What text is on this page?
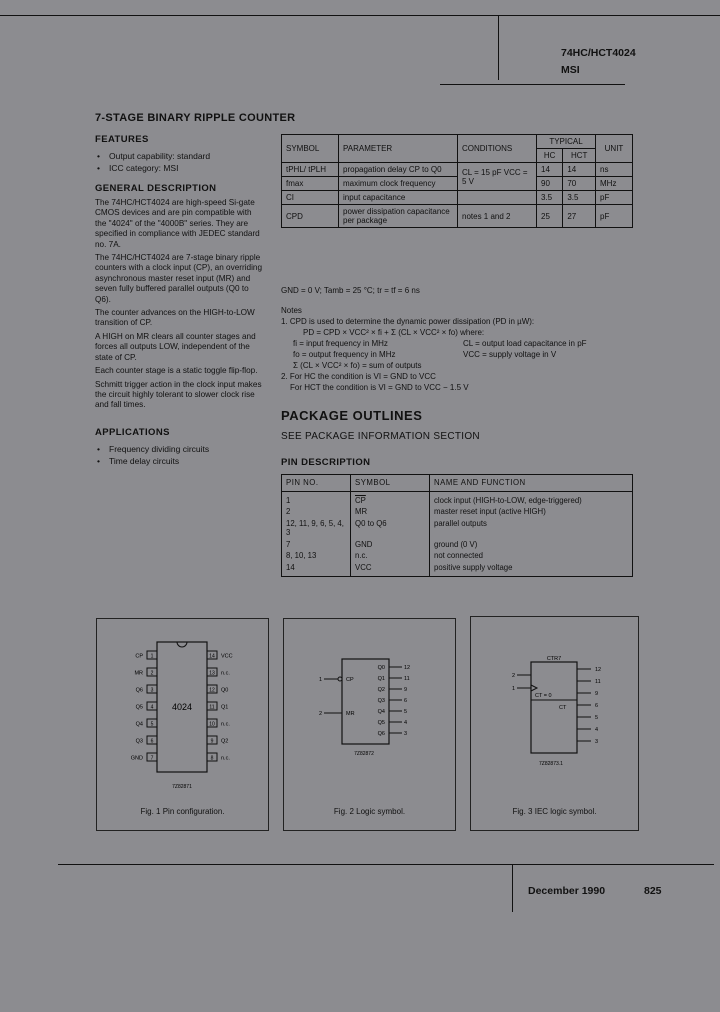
74HC/HCT4024
MSI
7-STAGE BINARY RIPPLE COUNTER
FEATURES
• Output capability: standard
• ICC category: MSI
GENERAL DESCRIPTION

The 74HC/HCT4024 are high-speed Si-gate CMOS devices and are pin compatible with the "4024" of the "4000B" series. They are specified in compliance with JEDEC standard no. 7A.

The 74HC/HCT4024 are 7-stage binary ripple counters with a clock input (CP), an overriding asynchronous master reset input (MR) and seven fully buffered parallel outputs (Q0 to Q6).

The counter advances on the HIGH-to-LOW transition of CP.

A HIGH on MR clears all counter stages and forces all outputs LOW, independent of the state of CP.

Each counter stage is a static toggle flip-flop.

Schmitt trigger action in the clock input makes the circuit highly tolerant to slower clock rise and fall times.

APPLICATIONS
• Frequency dividing circuits
• Time delay circuits
SYMBOL	PARAMETER	CONDITIONS	TYPICAL		UNIT
			HC	HCT	
tPHL/ tPLH	propagation delay CP to Q0	CL = 15 pF VCC = 5 V	14	14	ns
fmax	maximum clock frequency		90	70	MHz
CI	input capacitance		3.5	3.5	pF
CPD	power dissipation capacitance per package	notes 1 and 2	25	27	pF
GND = 0 V; Tamb = 25 °C; tr = tf = 6 ns
Notes
1. CPD is used to determine the dynamic power dissipation (PD in µW):
PD = CPD × VCC² × fi + Σ (CL × VCC² × fo) where:
fi = input frequency in MHz
fo = output frequency in MHz
Σ (CL × VCC² × fo) = sum of outputs
CL = output load capacitance in pF
VCC = supply voltage in V
2. For HC the condition is VI = GND to VCC
For HCT the condition is VI = GND to VCC − 1.5 V
PACKAGE OUTLINES
SEE PACKAGE INFORMATION SECTION
PIN DESCRIPTION
PIN NO.	SYMBOL	NAME AND FUNCTION
1	$\overline{CP}$	clock input (HIGH-to-LOW, edge-triggered)
2	MR	master reset input (active HIGH)
12, 11, 9, 6, 5, 4, 3	Q0 to Q6	parallel outputs
7	GND	ground (0 V)
8, 10, 13	n.c.	not connected
14	VCC	positive supply voltage
4024
1
CP	14 VCC
2
MR	13 n.c.
3
Q6	12 Q0
4
Q5	11 Q1
5
Q4	10 n.c.
6
Q3	9 Q2
7
GND	8 n.c.
7Z82871
Fig. 1 Pin configuration.
1	CP
2	MR
Q0	12
Q1	11
Q2	9
Q3	6
Q4	5
Q5	4
Q6	3
7Z82872
Fig. 2 Logic symbol.
CTR7
CT = 0
CT
1
2
12
11
9
6
5
4
3
7Z82873.1
Fig. 3 IEC logic symbol.
December 1990	825
